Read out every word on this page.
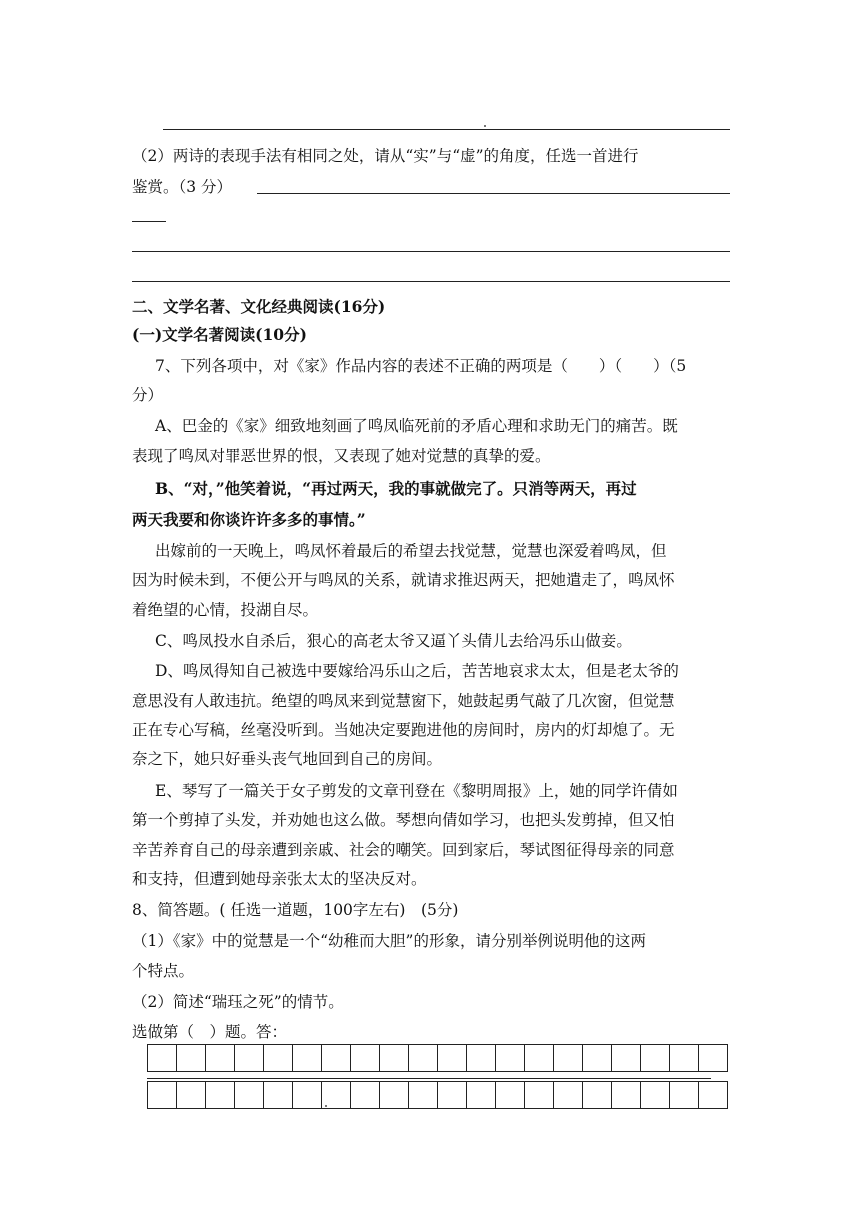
（2）两诗的表现手法有相同之处，请从“实”与“虚”的角度，任选一首进行
鉴赏。（3 分）
二、文学名著、文化经典阅读(16分)
(一)文学名著阅读(10分)
7、下列各项中，对《家》作品内容的表述不正确的两项是（　　）（　　）（5
分）
A、巴金的《家》细致地刻画了鸣凤临死前的矛盾心理和求助无门的痛苦。既
表现了鸣凤对罪恶世界的恨，又表现了她对觉慧的真挚的爱。
B、“对，”他笑着说，“再过两天，我的事就做完了。只消等两天，再过
两天我要和你谈许许多多的事情。”
出嫁前的一天晚上，鸣凤怀着最后的希望去找觉慧，觉慧也深爱着鸣凤，但
因为时候未到，不便公开与鸣凤的关系，就请求推迟两天，把她遣走了，鸣凤怀
着绝望的心情，投湖自尽。
C、鸣凤投水自杀后，狠心的高老太爷又逼丫头倩儿去给冯乐山做妾。
D、鸣凤得知自己被选中要嫁给冯乐山之后，苦苦地哀求太太，但是老太爷的
意思没有人敢违抗。绝望的鸣凤来到觉慧窗下，她鼓起勇气敲了几次窗，但觉慧
正在专心写稿，丝毫没听到。当她决定要跑进他的房间时，房内的灯却熄了。无
奈之下，她只好垂头丧气地回到自己的房间。
E、琴写了一篇关于女子剪发的文章刊登在《黎明周报》上，她的同学许倩如
第一个剪掉了头发，并劝她也这么做。琴想向倩如学习，也把头发剪掉，但又怕
辛苦养育自己的母亲遭到亲戚、社会的嘲笑。回到家后，琴试图征得母亲的同意
和支持，但遭到她母亲张太太的坚决反对。
8、简答题。( 任选一道题，100字左右)　(5分)
（1）《家》中的觉慧是一个“幼稚而大胆”的形象，请分别举例说明他的这两
个特点。
（2）简述“瑞珏之死”的情节。
选做第（　）题。答：
